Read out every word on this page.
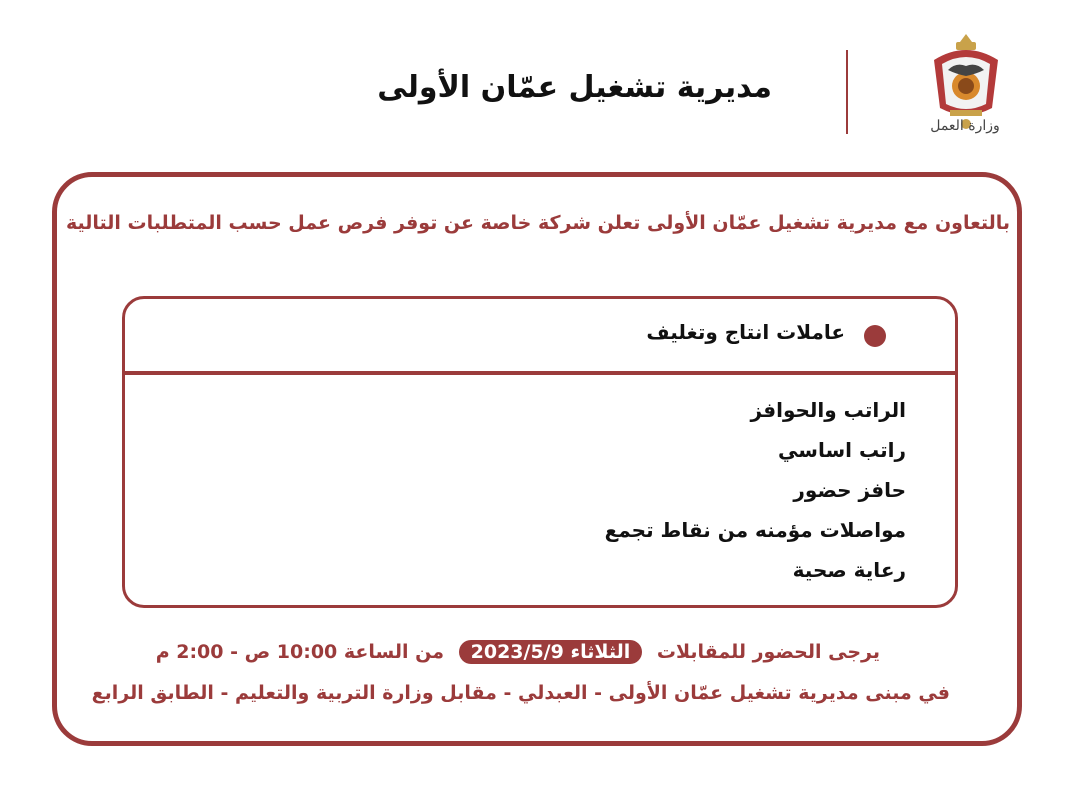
مديرية تشغيل عمّان الأولى
وزارة العمل
بالتعاون مع مديرية تشغيل عمّان الأولى تعلن شركة خاصة عن توفر فرص عمل حسب المتطلبات التالية
عاملات انتاج وتغليف
الراتب والحوافز
راتب اساسي
حافز حضور
مواصلات مؤمنه من نقاط تجمع
رعاية صحية
يرجى الحضور للمقابلات الثلاثاء 2023/5/9 من الساعة 10:00 ص - 2:00 م
في مبنى مديرية تشغيل عمّان الأولى - العبدلي - مقابل وزارة التربية والتعليم - الطابق الرابع
